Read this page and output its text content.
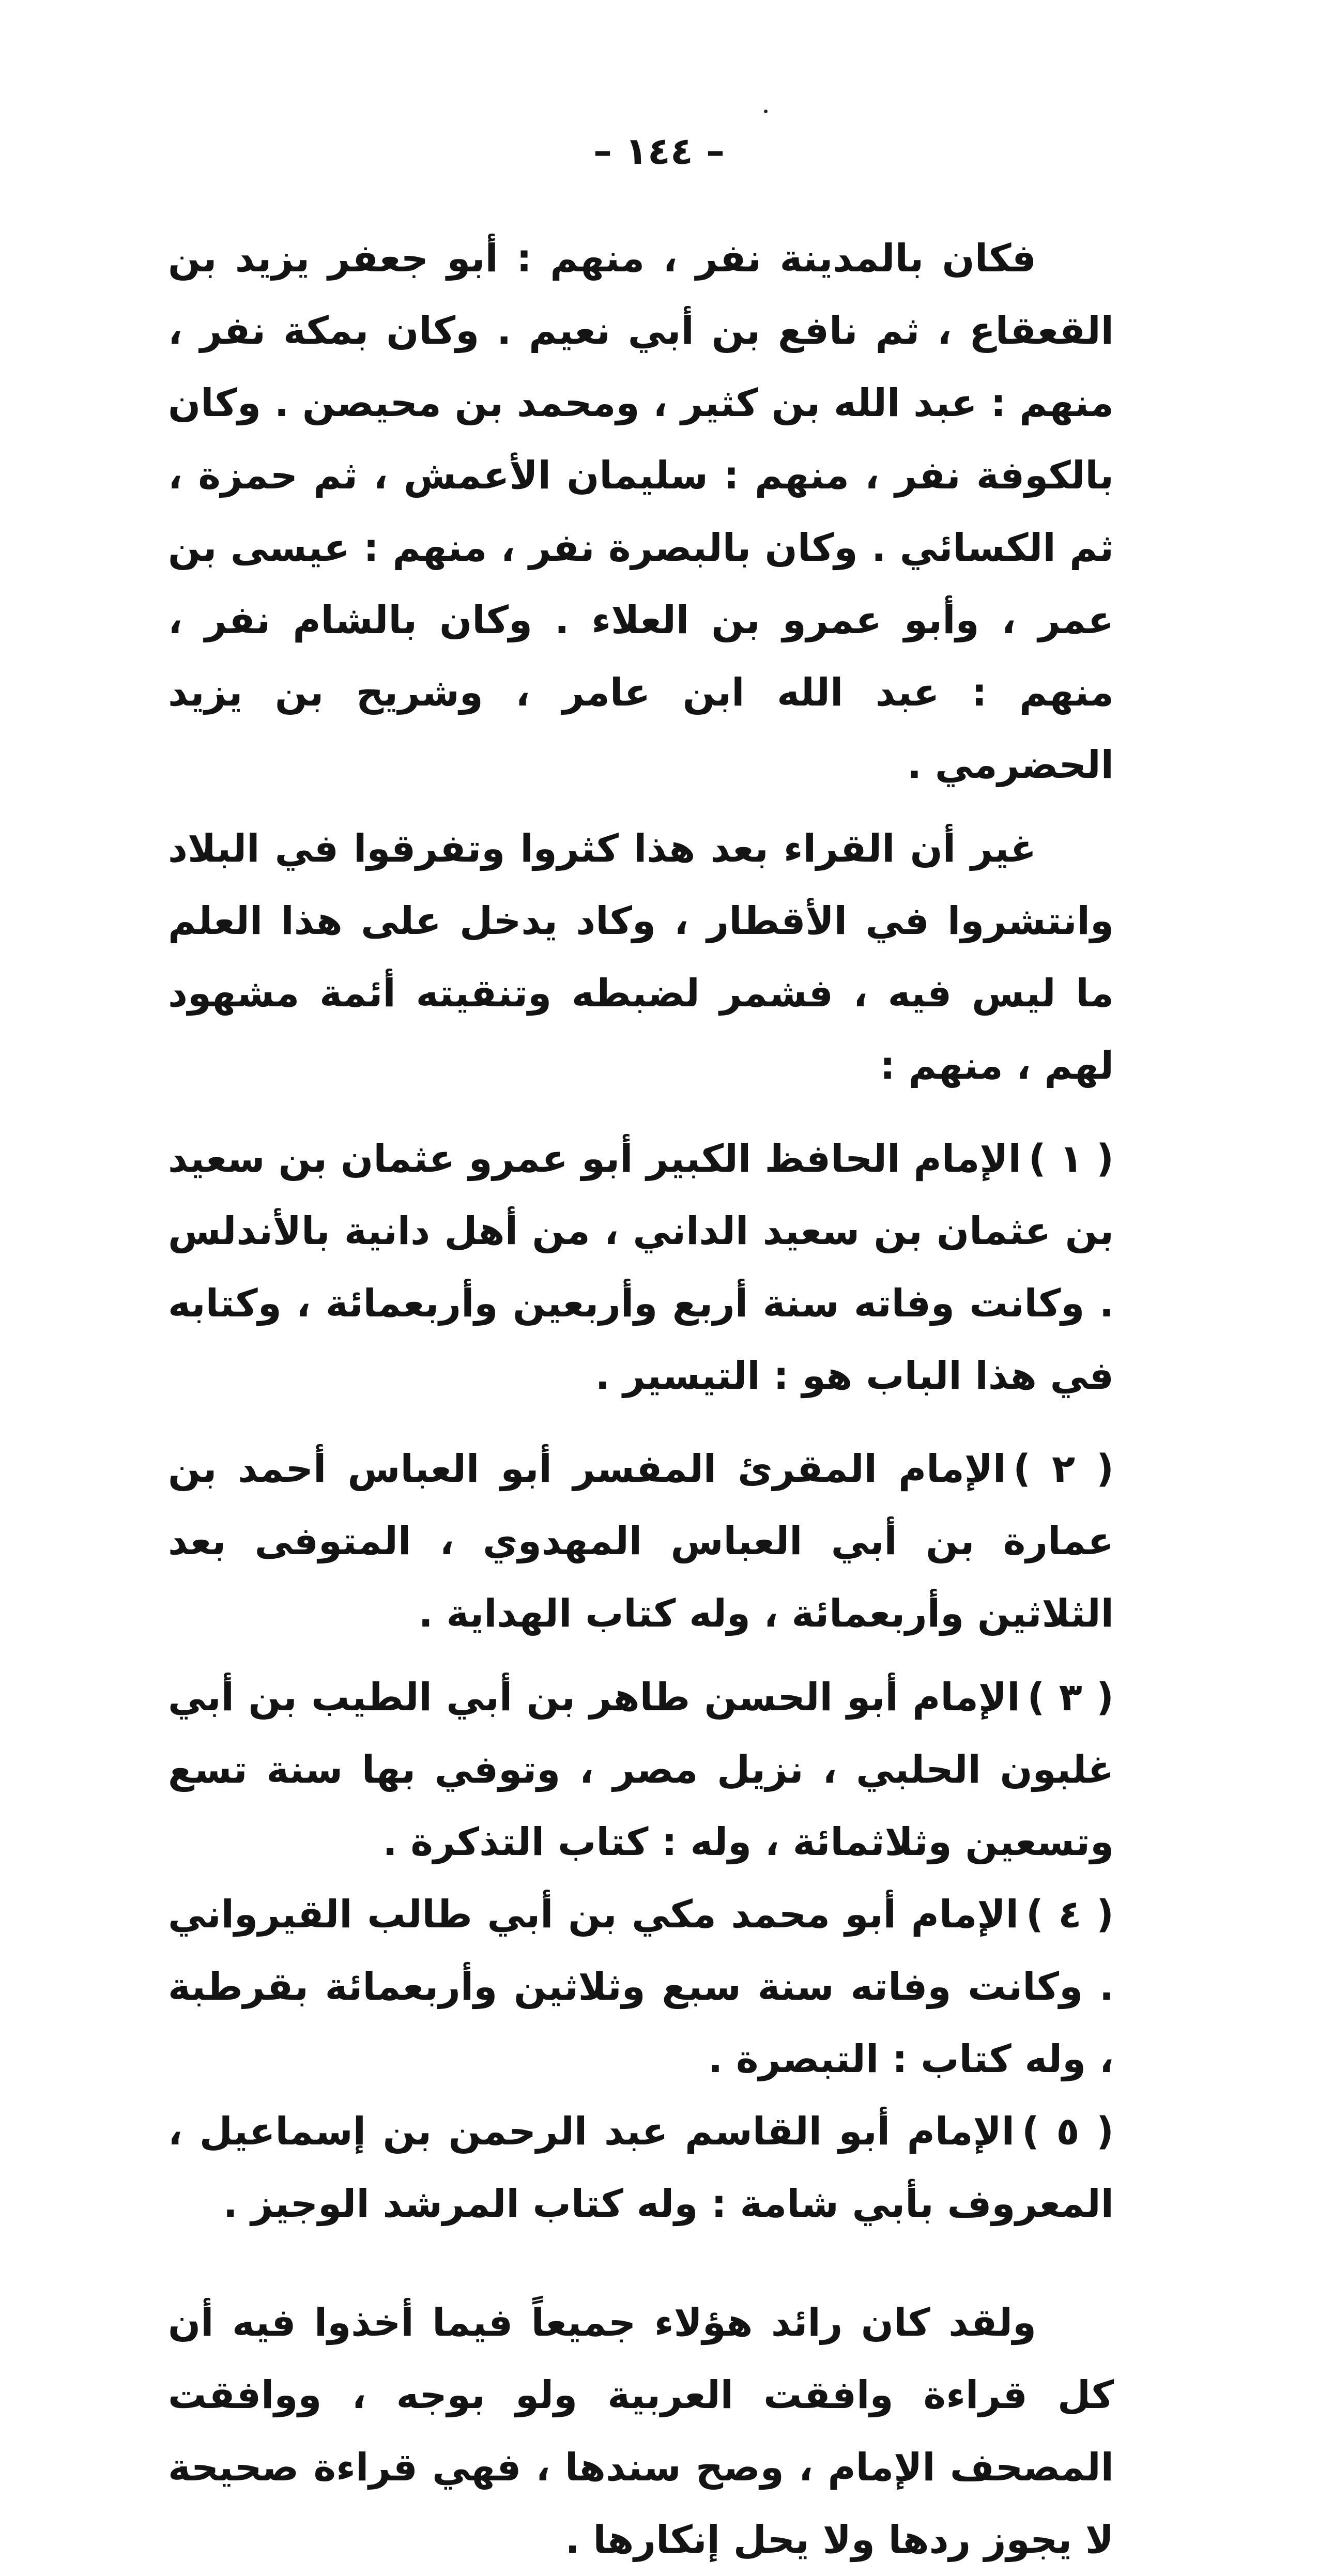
– ١٤٤ –

فكان بالمدينة نفر ، منهم : أبو جعفر يزيد بن القعقاع ، ثم نافع بن أبي نعيم . وكان بمكة نفر ، منهم : عبد الله بن كثير ، ومحمد بن محيصن . وكان بالكوفة نفر ، منهم : سليمان الأعمش ، ثم حمزة ، ثم الكسائي . وكان بالبصرة نفر ، منهم : عيسى بن عمر ، وأبو عمرو بن العلاء . وكان بالشام نفر ، منهم : عبد الله ابن عامر ، وشريح بن يزيد الحضرمي .

غير أن القراء بعد هذا كثروا وتفرقوا في البلاد وانتشروا في الأقطار ، وكاد يدخل على هذا العلم ما ليس فيه ، فشمر لضبطه وتنقيته أئمة مشهود لهم ، منهم :

( ١ )الإمام الحافظ الكبير أبو عمرو عثمان بن سعيد بن عثمان بن سعيد الداني ، من أهل دانية بالأندلس . وكانت وفاته سنة أربع وأربعين وأربعمائة ، وكتابه في هذا الباب هو : التيسير .

( ٢ )الإمام المقرئ المفسر أبو العباس أحمد بن عمارة بن أبي العباس المهدوي ، المتوفى بعد الثلاثين وأربعمائة ، وله كتاب الهداية .

( ٣ )الإمام أبو الحسن طاهر بن أبي الطيب بن أبي غلبون الحلبي ، نزيل مصر ، وتوفي بها سنة تسع وتسعين وثلاثمائة ، وله : كتاب التذكرة .

( ٤ )الإمام أبو محمد مكي بن أبي طالب القيرواني . وكانت وفاته سنة سبع وثلاثين وأربعمائة بقرطبة ، وله كتاب : التبصرة .

( ٥ )الإمام أبو القاسم عبد الرحمن بن إسماعيل ، المعروف بأبي شامة : وله كتاب المرشد الوجيز .

ولقد كان رائد هؤلاء جميعاً فيما أخذوا فيه أن كل قراءة وافقت العربية ولو بوجه ، ووافقت المصحف الإمام ، وصح سندها ، فهي قراءة صحيحة لا يجوز ردها ولا يحل إنكارها .
